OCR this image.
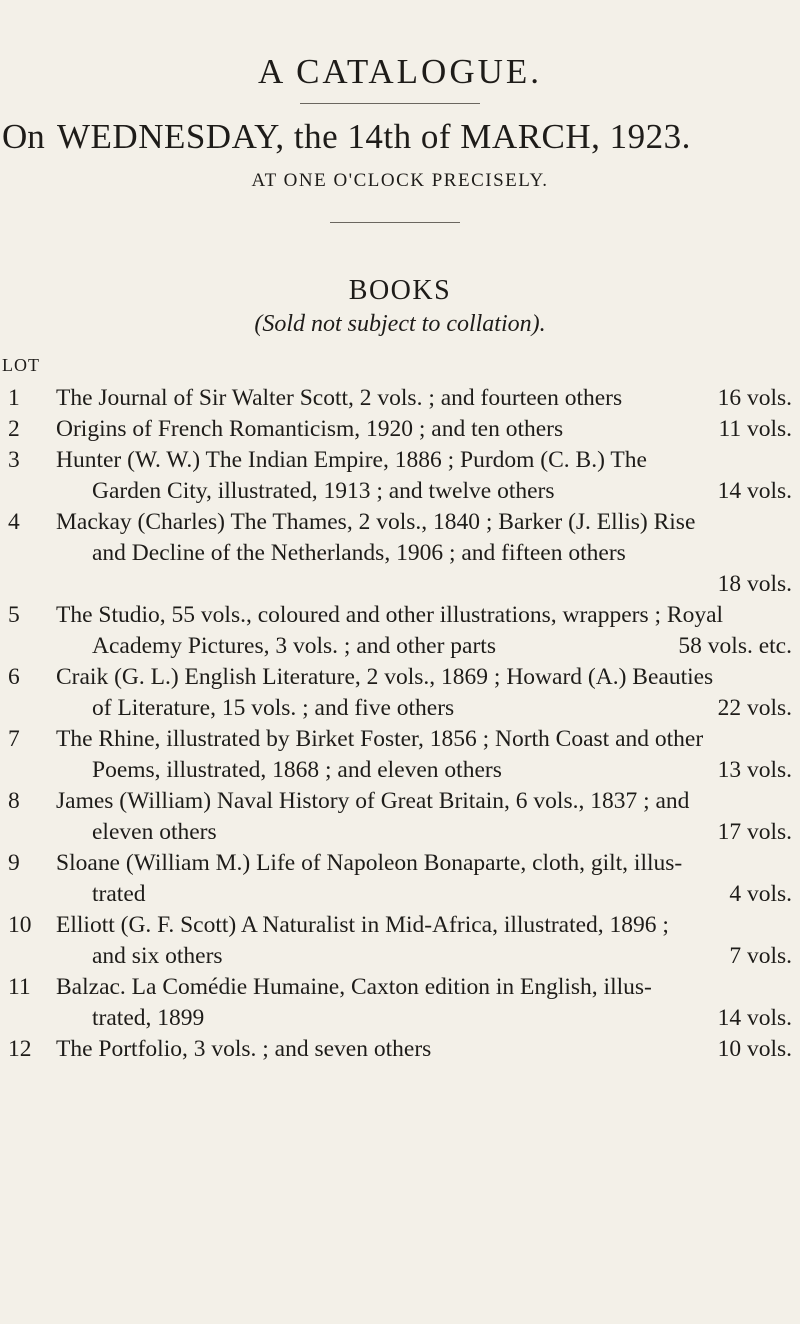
A CATALOGUE.
On WEDNESDAY, the 14th of MARCH, 1923.
AT ONE O'CLOCK PRECISELY.
BOOKS
(Sold not subject to collation).
LOT
1	The Journal of Sir Walter Scott, 2 vols. ; and fourteen others	16 vols.
2	Origins of French Romanticism, 1920 ; and ten others	11 vols.
3	Hunter (W. W.) The Indian Empire, 1886 ; Purdom (C. B.) The
Garden City, illustrated, 1913 ; and twelve others	14 vols.
4	Mackay (Charles) The Thames, 2 vols., 1840 ; Barker (J. Ellis) Rise
and Decline of the Netherlands, 1906 ; and fifteen others
18 vols.
5	The Studio, 55 vols., coloured and other illustrations, wrappers ; Royal
Academy Pictures, 3 vols. ; and other parts	58 vols. etc.
6	Craik (G. L.) English Literature, 2 vols., 1869 ; Howard (A.) Beauties
of Literature, 15 vols. ; and five others	22 vols.
7	The Rhine, illustrated by Birket Foster, 1856 ; North Coast and other
Poems, illustrated, 1868 ; and eleven others	13 vols.
8	James (William) Naval History of Great Britain, 6 vols., 1837 ; and
eleven others	17 vols.
9	Sloane (William M.) Life of Napoleon Bonaparte, cloth, gilt, illus-
trated	4 vols.
10	Elliott (G. F. Scott) A Naturalist in Mid-Africa, illustrated, 1896 ;
and six others	7 vols.
11	Balzac. La Comédie Humaine, Caxton edition in English, illus-
trated, 1899	14 vols.
12	The Portfolio, 3 vols. ; and seven others	10 vols.
